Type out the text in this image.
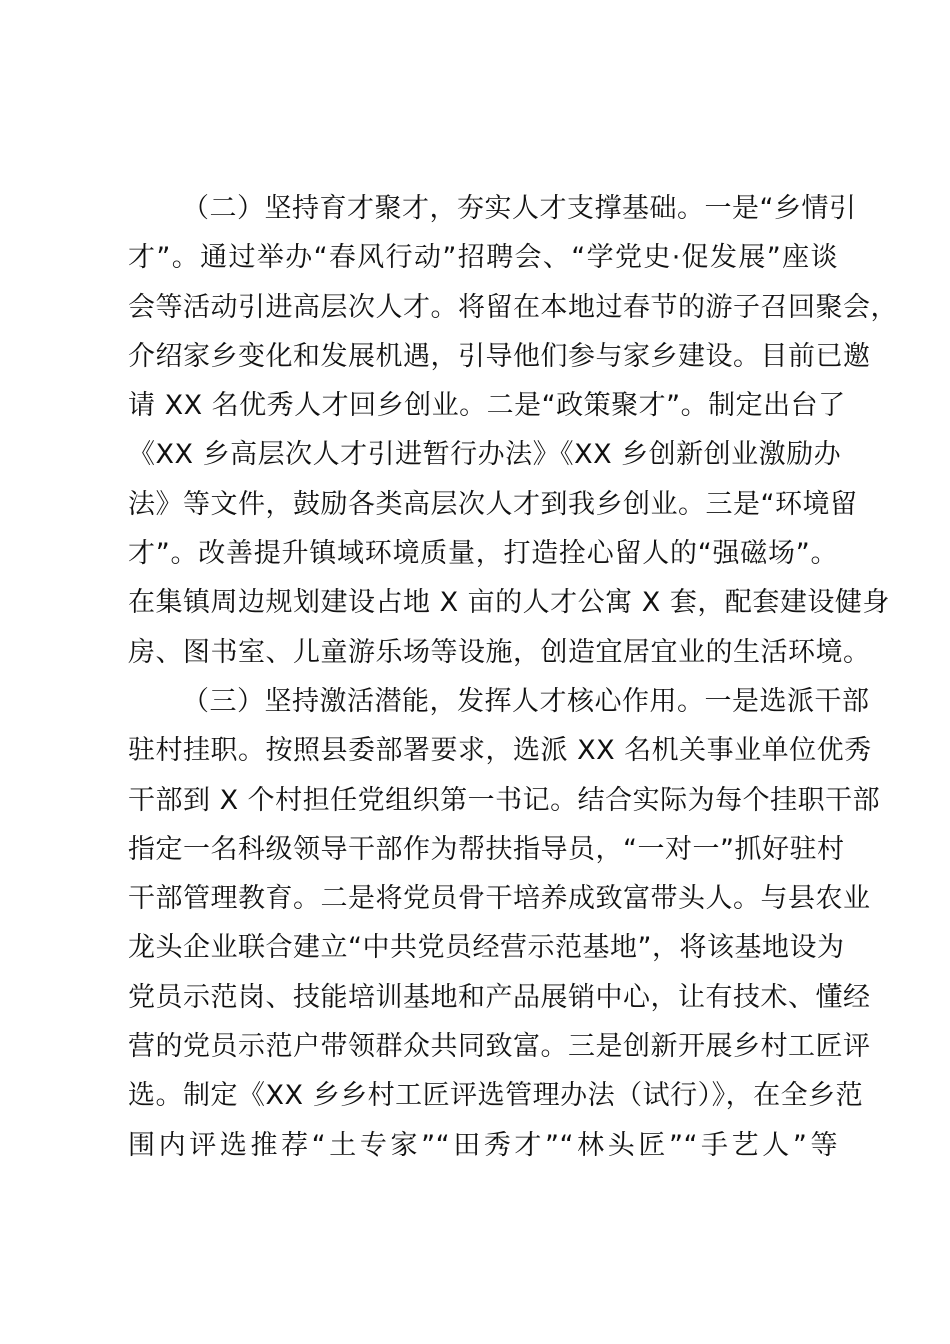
（二）坚持育才聚才，夯实人才支撑基础。一是“乡情引
才”。通过举办“春风行动”招聘会、“学党史·促发展”座谈
会等活动引进高层次人才。将留在本地过春节的游子召回聚会，
介绍家乡变化和发展机遇，引导他们参与家乡建设。目前已邀
请 XX 名优秀人才回乡创业。二是“政策聚才”。制定出台了
《XX 乡高层次人才引进暂行办法》《XX 乡创新创业激励办
法》等文件，鼓励各类高层次人才到我乡创业。三是“环境留
才”。改善提升镇域环境质量，打造拴心留人的“强磁场”。
在集镇周边规划建设占地 X 亩的人才公寓 X 套，配套建设健身
房、图书室、儿童游乐场等设施，创造宜居宜业的生活环境。
（三）坚持激活潜能，发挥人才核心作用。一是选派干部
驻村挂职。按照县委部署要求，选派 XX 名机关事业单位优秀
干部到 X 个村担任党组织第一书记。结合实际为每个挂职干部
指定一名科级领导干部作为帮扶指导员，“一对一”抓好驻村
干部管理教育。二是将党员骨干培养成致富带头人。与县农业
龙头企业联合建立“中共党员经营示范基地”，将该基地设为
党员示范岗、技能培训基地和产品展销中心，让有技术、懂经
营的党员示范户带领群众共同致富。三是创新开展乡村工匠评
选。制定《XX 乡乡村工匠评选管理办法（试行）》，在全乡范
围内评选推荐“土专家”“田秀才”“林头匠”“手艺人”等
